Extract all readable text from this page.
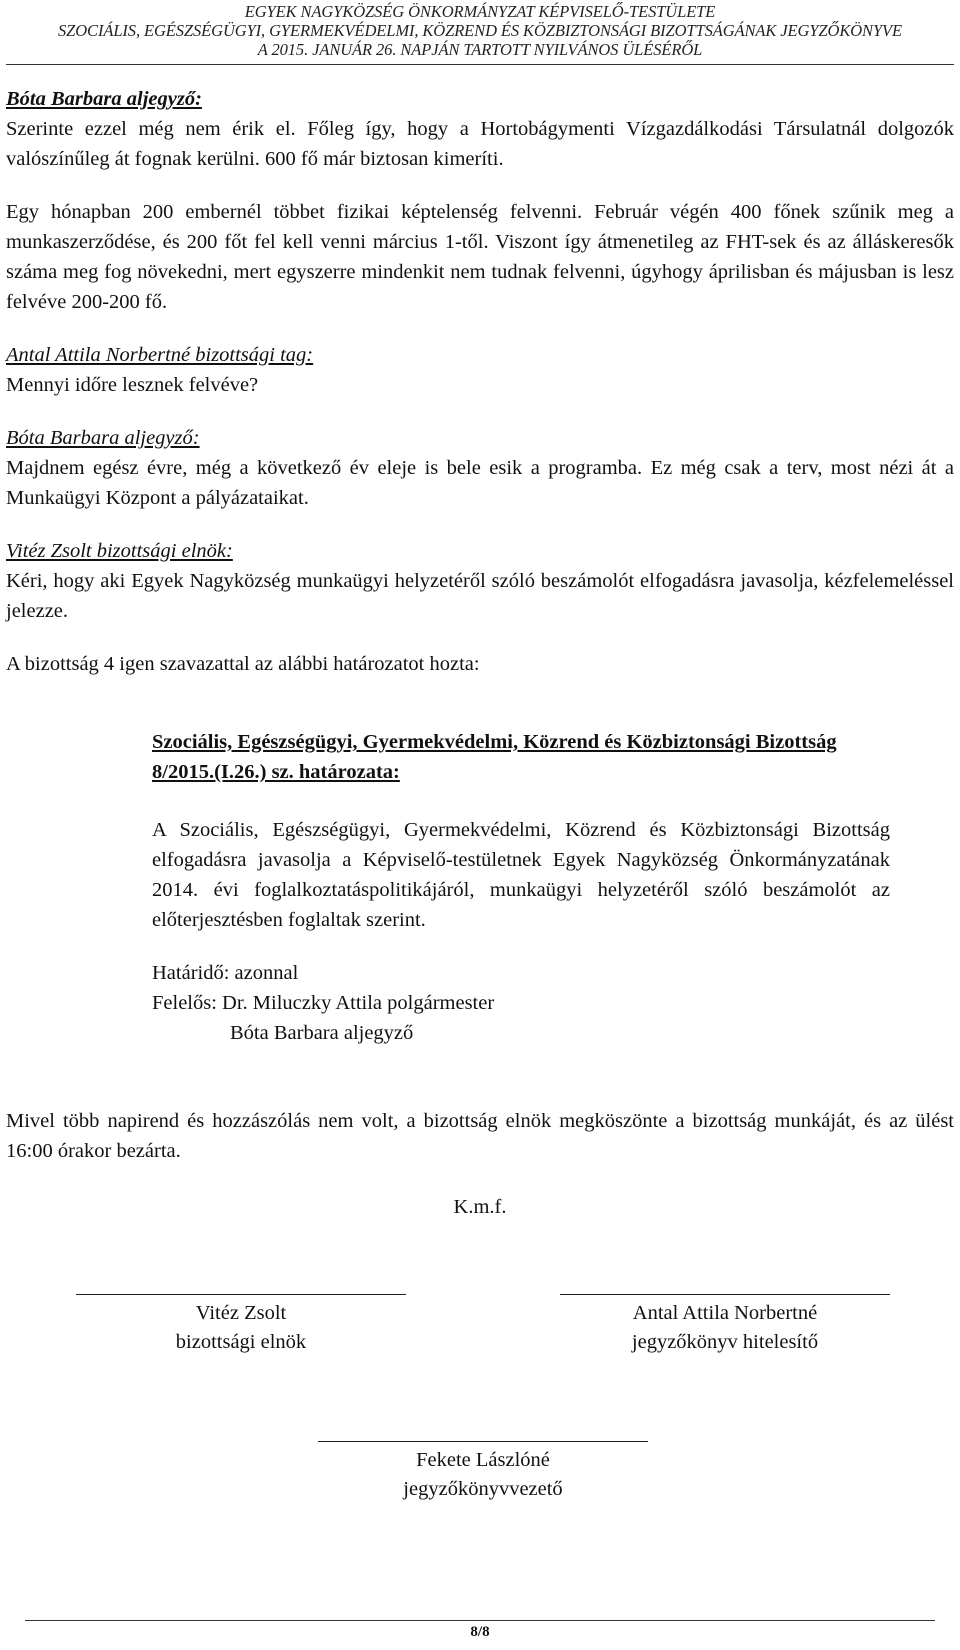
EGYEK NAGYKÖZSÉG ÖNKORMÁNYZAT KÉPVISELŐ-TESTÜLETE
SZOCIÁLIS, EGÉSZSÉGÜGYI, GYERMEKVÉDELMI, KÖZREND ÉS KÖZBIZTONSÁGI BIZOTTSÁGÁNAK JEGYZŐKÖNYVE
A 2015. JANUÁR 26. NAPJÁN TARTOTT NYILVÁNOS ÜLÉSÉRŐL
Bóta Barbara aljegyző:

Szerinte ezzel még nem érik el. Főleg így, hogy a Hortobágymenti Vízgazdálkodási Társulatnál dolgozók valószínűleg át fognak kerülni. 600 fő már biztosan kimeríti.

Egy hónapban 200 embernél többet fizikai képtelenség felvenni. Február végén 400 főnek szűnik meg a munkaszerződése, és 200 főt fel kell venni március 1-től. Viszont így átmenetileg az FHT-sek és az álláskeresők száma meg fog növekedni, mert egyszerre mindenkit nem tudnak felvenni, úgyhogy áprilisban és májusban is lesz felvéve 200-200 fő.

Antal Attila Norbertné bizottsági tag:

Mennyi időre lesznek felvéve?

Bóta Barbara aljegyző:

Majdnem egész évre, még a következő év eleje is bele esik a programba. Ez még csak a terv, most nézi át a Munkaügyi Központ a pályázataikat.

Vitéz Zsolt bizottsági elnök:

Kéri, hogy aki Egyek Nagyközség munkaügyi helyzetéről szóló beszámolót elfogadásra javasolja, kézfelemeléssel jelezze.

A bizottság 4 igen szavazattal az alábbi határozatot hozta:

Szociális, Egészségügyi, Gyermekvédelmi, Közrend és Közbiztonsági Bizottság 8/2015.(I.26.) sz. határozata:
A Szociális, Egészségügyi, Gyermekvédelmi, Közrend és Közbiztonsági Bizottság elfogadásra javasolja a Képviselő-testületnek Egyek Nagyközség Önkormányzatának 2014. évi foglalkoztatáspolitikájáról, munkaügyi helyzetéről szóló beszámolót az előterjesztésben foglaltak szerint.
Határidő: azonnal
Felelős: Dr. Miluczky Attila polgármester
Bóta Barbara aljegyző

Mivel több napirend és hozzászólás nem volt, a bizottság elnök megköszönte a bizottság munkáját, és az ülést 16:00 órakor bezárta.

K.m.f.
Vitéz Zsolt
bizottsági elnök
Antal Attila Norbertné
jegyzőkönyv hitelesítő
Fekete Lászlóné
jegyzőkönyvvezető
8/8
